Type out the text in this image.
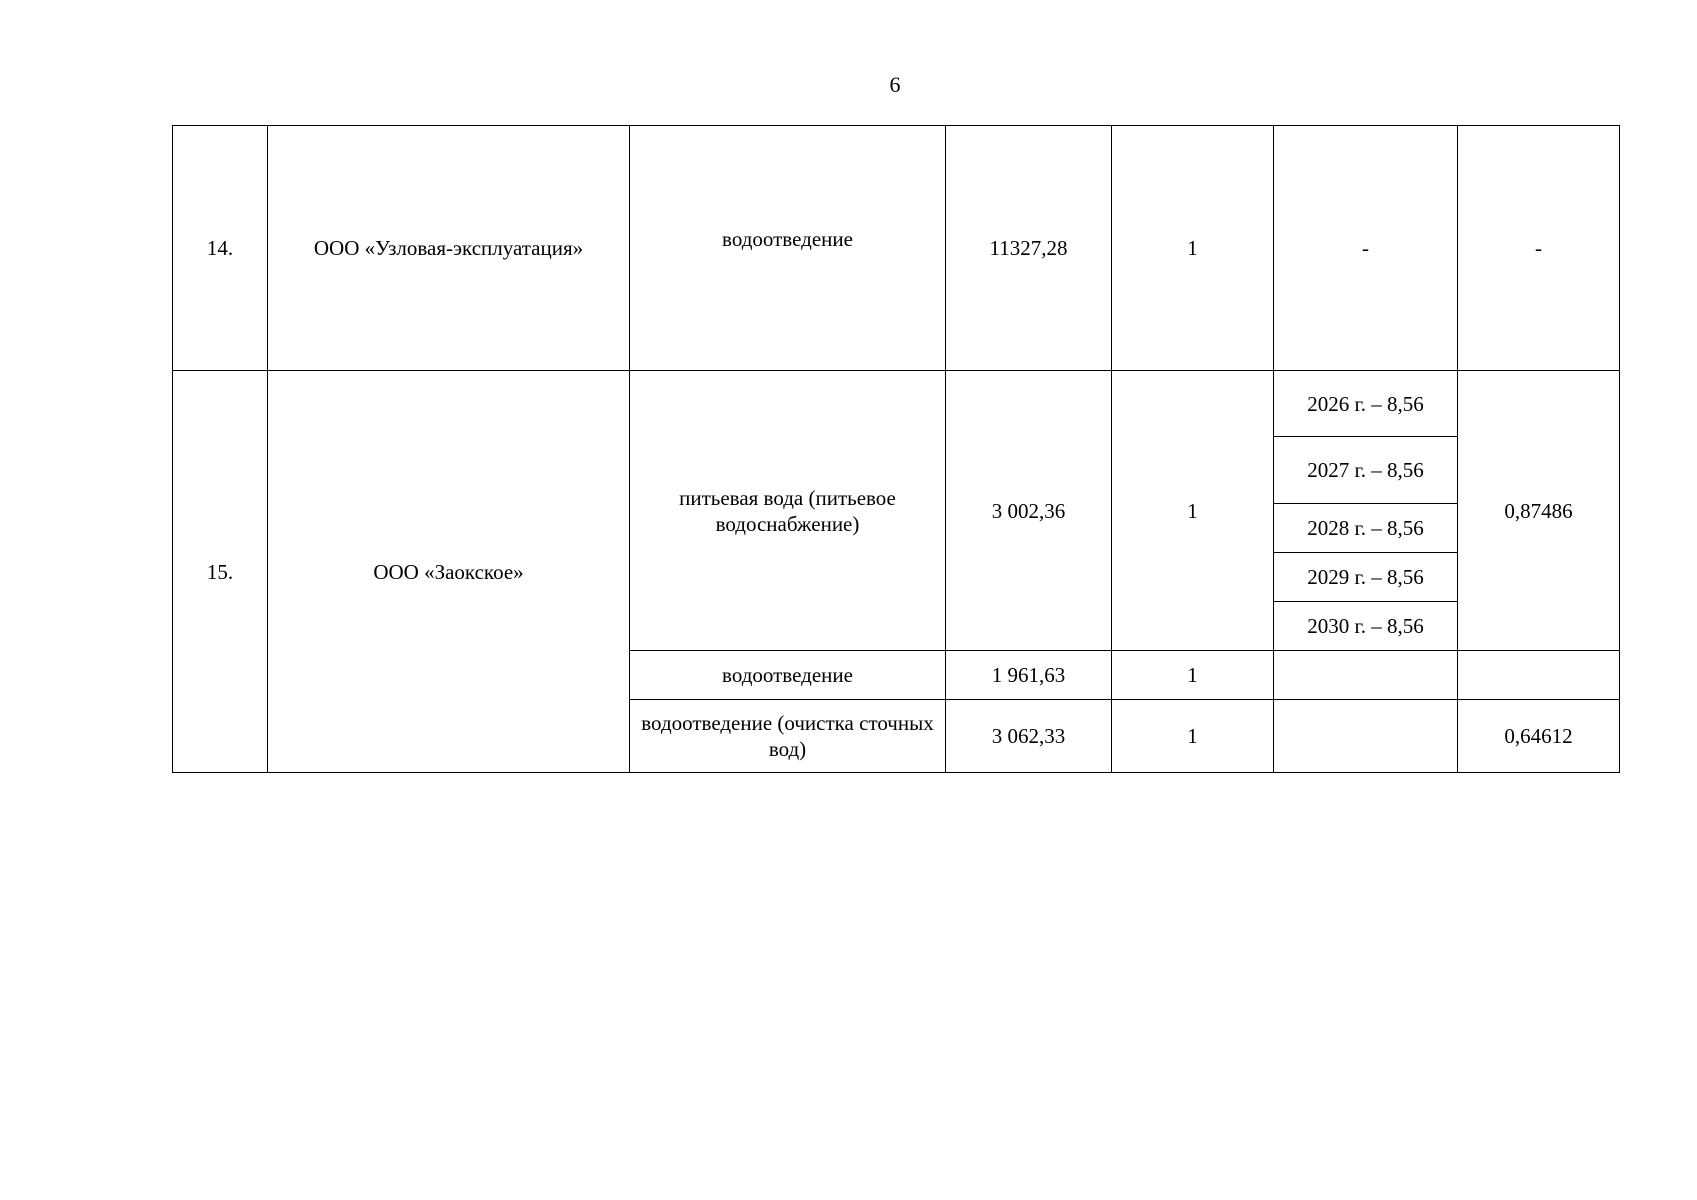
6
14.	ООО «Узловая-эксплуатация»	водоотведение	11327,28	1	-	-
15.	ООО «Заокское»	питьевая вода (питьевое водоснабжение)	3 002,36	1	2026 г. – 8,56	0,87486
					2027 г. – 8,56	
					2028 г. – 8,56	
					2029 г. – 8,56	
					2030 г. – 8,56	
		водоотведение	1 961,63	1		
		водоотведение (очистка сточных вод)	3 062,33	1		0,64612
